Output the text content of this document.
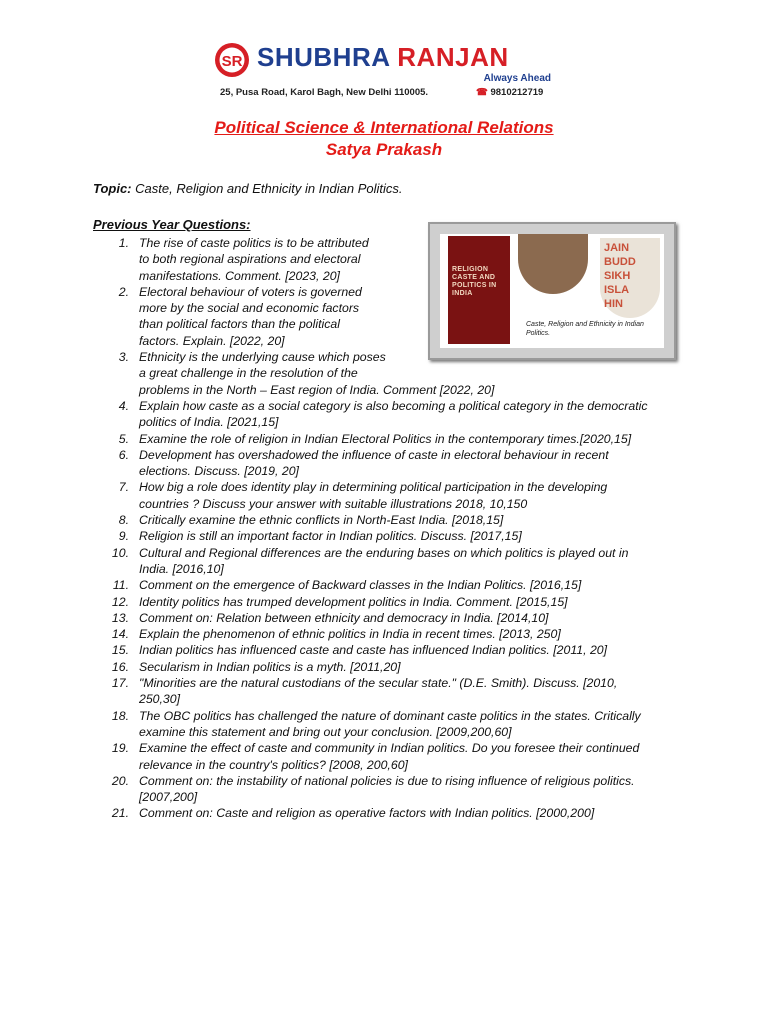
SR SHUBHRA RANJAN
Always Ahead
25, Pusa Road, Karol Bagh, New Delhi 110005.	☎ 9810212719
Political Science & International Relations
Satya Prakash
Topic: Caste, Religion and Ethnicity in Indian Politics.
Previous Year Questions:
RELIGION CASTE AND POLITICS IN INDIA
JAIN
BUDD
SIKH
ISLA
HIN
Caste, Religion and Ethnicity in Indian Politics.
1. The rise of caste politics is to be attributed
to both regional aspirations and electoral
manifestations. Comment. [2023, 20]
2. Electoral behaviour of voters is governed
more by the social and economic factors
than political factors than the political
factors. Explain. [2022, 20]
3. Ethnicity is the underlying cause which poses
a great challenge in the resolution of the
problems in the North – East region of India. Comment [2022, 20]
4. Explain how caste as a social category is also becoming a political category in the democratic
politics of India. [2021,15]
5. Examine the role of religion in Indian Electoral Politics in the contemporary times.[2020,15]
6. Development has overshadowed the influence of caste in electoral behaviour in recent
elections. Discuss. [2019, 20]
7. How big a role does identity play in determining political participation in the developing
countries ? Discuss your answer with suitable illustrations 2018, 10,150
8. Critically examine the ethnic conflicts in North-East India. [2018,15]
9. Religion is still an important factor in Indian politics. Discuss. [2017,15]
10. Cultural and Regional differences are the enduring bases on which politics is played out in
India. [2016,10]
11. Comment on the emergence of Backward classes in the Indian Politics. [2016,15]
12. Identity politics has trumped development politics in India. Comment. [2015,15]
13. Comment on: Relation between ethnicity and democracy in India. [2014,10]
14. Explain the phenomenon of ethnic politics in India in recent times. [2013, 250]
15. Indian politics has influenced caste and caste has influenced Indian politics. [2011, 20]
16. Secularism in Indian politics is a myth. [2011,20]
17. "Minorities are the natural custodians of the secular state." (D.E. Smith). Discuss. [2010,
250,30]
18. The OBC politics has challenged the nature of dominant caste politics in the states. Critically
examine this statement and bring out your conclusion. [2009,200,60]
19. Examine the effect of caste and community in Indian politics. Do you foresee their continued
relevance in the country's politics? [2008, 200,60]
20. Comment on: the instability of national policies is due to rising influence of religious politics.
[2007,200]
21. Comment on: Caste and religion as operative factors with Indian politics. [2000,200]
